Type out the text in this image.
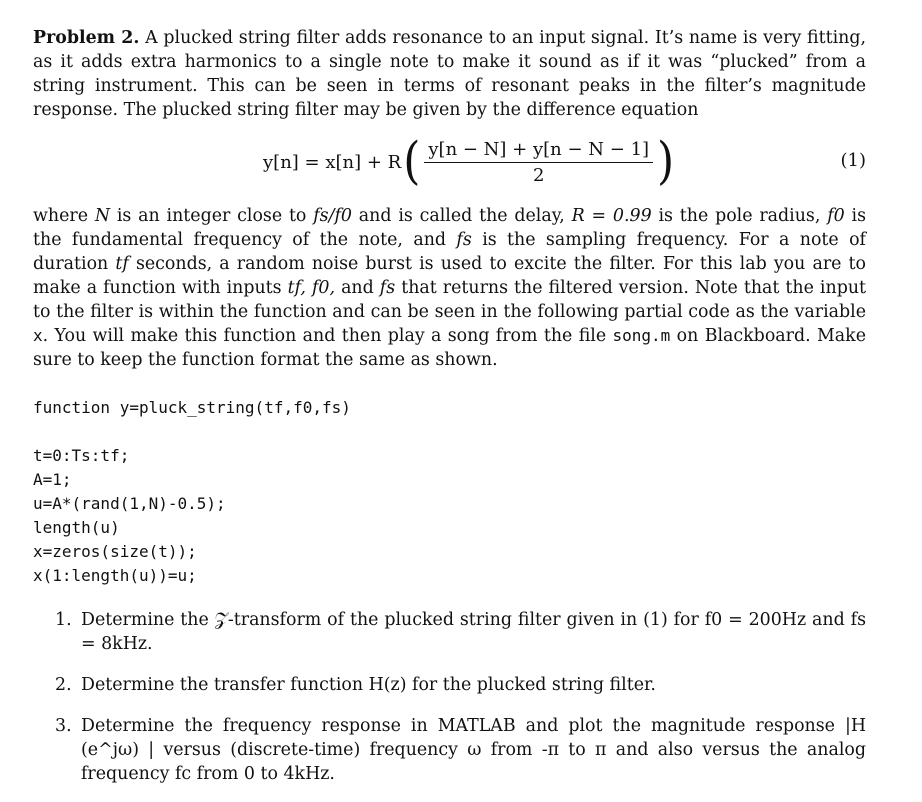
Problem 2. A plucked string filter adds resonance to an input signal. It’s name is very fitting, as it adds extra harmonics to a single note to make it sound as if it was “plucked” from a string instrument. This can be seen in terms of resonant peaks in the filter’s magnitude response. The plucked string filter may be given by the difference equation

y[n] = x[n] + R ( $\frac{y[n - N] + y[n - N - 1]}{2}$ )	(1)

where N is an integer close to fs/f0 and is called the delay, R = 0.99 is the pole radius, f0 is the fundamental frequency of the note, and fs is the sampling frequency. For a note of duration tf seconds, a random noise burst is used to excite the filter. For this lab you are to make a function with inputs tf, f0, and fs that returns the filtered version. Note that the input to the filter is within the function and can be seen in the following partial code as the variable x. You will make this function and then play a song from the file song.m on Blackboard. Make sure to keep the function format the same as shown.

function y=pluck_string(tf,f0,fs)
t=0:Ts:tf;
A=1;
u=A*(rand(1,N)-0.5);
length(u)
x=zeros(size(t));
x(1:length(u))=u;
1. Determine the 𝒵-transform of the plucked string filter given in (1) for f0 = 200Hz and fs = 8kHz.
2. Determine the transfer function H(z) for the plucked string filter.
3. Determine the frequency response in MATLAB and plot the magnitude response |H (e^jω) | versus (discrete-time) frequency ω from -π to π and also versus the analog frequency fc from 0 to 4kHz.
